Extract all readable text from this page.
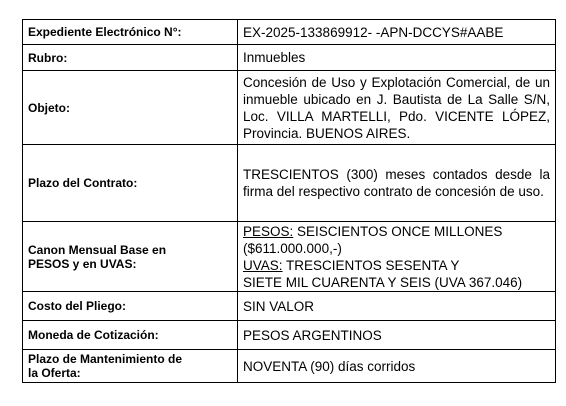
Expediente Electrónico N°:	EX-2025-133869912- -APN-DCCYS#AABE
Rubro:	Inmuebles
Objeto:	Concesión de Uso y Explotación Comercial, de un inmueble ubicado en J. Bautista de La Salle S/N, Loc. VILLA MARTELLI, Pdo. VICENTE LÓPEZ, Provincia. BUENOS AIRES.
Plazo del Contrato:	TRESCIENTOS (300) meses contados desde la firma del respectivo contrato de concesión de uso.
Canon Mensual Base en
PESOS y en UVAS:	PESOS: SEISCIENTOS ONCE MILLONES
($611.000.000,-)
UVAS: TRESCIENTOS SESENTA Y
SIETE MIL CUARENTA Y SEIS (UVA 367.046)
Costo del Pliego:	SIN VALOR
Moneda de Cotización:	PESOS ARGENTINOS
Plazo de Mantenimiento de
la Oferta:	NOVENTA (90) días corridos
